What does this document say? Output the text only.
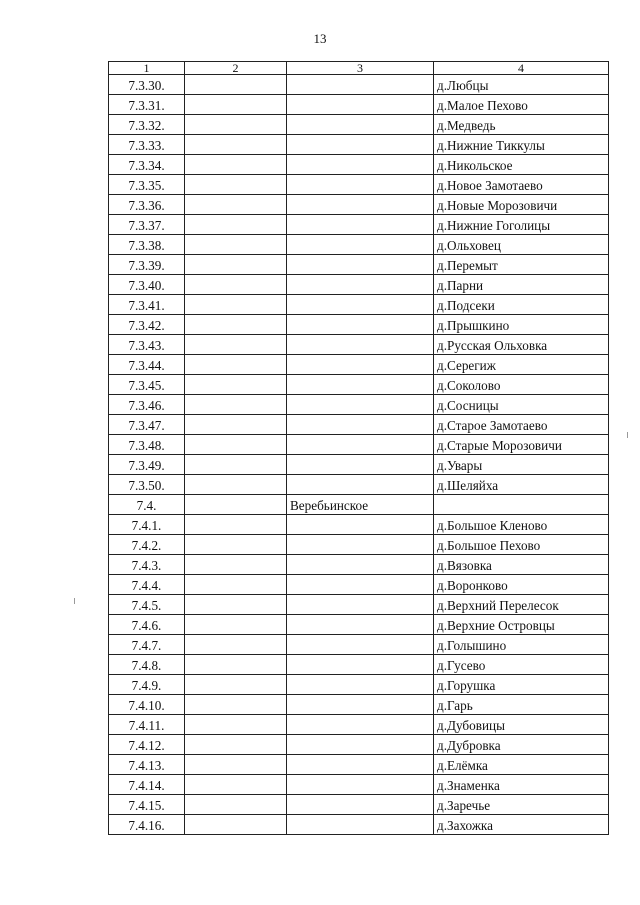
13
1	2	3	4
7.3.30.			д.Любцы
7.3.31.			д.Малое Пехово
7.3.32.			д.Медведь
7.3.33.			д.Нижние Тиккулы
7.3.34.			д.Никольское
7.3.35.			д.Новое Замотаево
7.3.36.			д.Новые Морозовичи
7.3.37.			д.Нижние Гоголицы
7.3.38.			д.Ольховец
7.3.39.			д.Перемыт
7.3.40.			д.Парни
7.3.41.			д.Подсеки
7.3.42.			д.Прышкино
7.3.43.			д.Русская Ольховка
7.3.44.			д.Серегиж
7.3.45.			д.Соколово
7.3.46.			д.Сосницы
7.3.47.			д.Старое Замотаево
7.3.48.			д.Старые Морозовичи
7.3.49.			д.Увары
7.3.50.			д.Шеляйха
7.4.		Веребьинское	
7.4.1.			д.Большое Кленово
7.4.2.			д.Большое Пехово
7.4.3.			д.Вязовка
7.4.4.			д.Воронково
7.4.5.			д.Верхний Перелесок
7.4.6.			д.Верхние Островцы
7.4.7.			д.Голышино
7.4.8.			д.Гусево
7.4.9.			д.Горушка
7.4.10.			д.Гарь
7.4.11.			д.Дубовицы
7.4.12.			д.Дубровка
7.4.13.			д.Елёмка
7.4.14.			д.Знаменка
7.4.15.			д.Заречье
7.4.16.			д.Захожка
